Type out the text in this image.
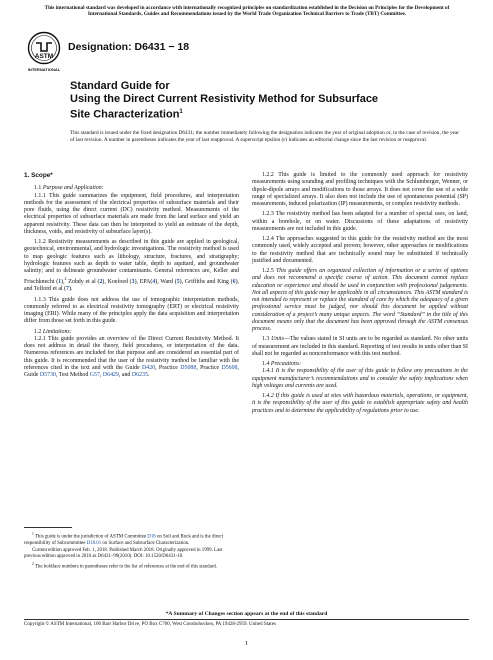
This international standard was developed in accordance with internationally recognized principles on standardization established in the Decision on Principles for the Development of International Standards, Guides and Recommendations issued by the World Trade Organization Technical Barriers to Trade (TBT) Committee.
ASTM
INTERNATIONAL
Designation: D6431 − 18
Standard Guide for
Using the Direct Current Resistivity Method for Subsurface
Site Characterization$^1$
This standard is issued under the fixed designation D6431; the number immediately following the designation indicates the year of original adoption or, in the case of revision, the year of last revision. A number in parentheses indicates the year of last reapproval. A superscript epsilon (ε) indicates an editorial change since the last revision or reapproval.

1. Scope*

1.1 Purpose and Application:

1.1.1 This guide summarizes the equipment, field procedures, and interpretation methods for the assessment of the electrical properties of subsurface materials and their pore fluids, using the direct current (DC) resistivity method. Measurements of the electrical properties of subsurface materials are made from the land surface and yield an apparent resistivity. These data can then be interpreted to yield an estimate of the depth, thickness, voids, and resistivity of subsurface layer(s).

1.1.2 Resistivity measurements as described in this guide are applied in geological, geotechnical, environmental, and hydrologic investigations. The resistivity method is used to map geologic features such as lithology, structure, fractures, and stratigraphy; hydrologic features such as depth to water table, depth to aquitard, and groundwater salinity; and to delineate groundwater contaminants. General references are, Keller and Frischknecht (1),$^2$ Zohdy et al (2), Koefoed (3), EPA(4), Ward (5), Griffiths and King (6), and Telford et al (7).

1.1.3 This guide does not address the use of tomographic interpretation methods, commonly referred to as electrical resistivity tomography (ERT) or electrical resistivity imaging (ERI). While many of the principles apply the data acquisition and interpretation differ from those set forth in this guide.

1.2 Limitations:

1.2.1 This guide provides an overview of the Direct Current Resistivity Method. It does not address in detail the theory, field procedures, or interpretation of the data. Numerous references are included for that purpose and are considered an essential part of this guide. It is recommended that the user of the resistivity method be familiar with the references cited in the text and with the Guide D420, Practice D5088, Practice D5608, Guide D5730, Test Method G57, D6429, and D6235.

1.2.2 This guide is limited to the commonly used approach for resistivity measurements using sounding and profiling techniques with the Schlumberger, Wenner, or dipole-dipole arrays and modifications to those arrays. It does not cover the use of a wide range of specialized arrays. It also does not include the use of spontaneous potential (SP) measurements, induced polarization (IP) measurements, or complex resistivity methods.

1.2.3 The resistivity method has been adapted for a number of special uses, on land, within a borehole, or on water. Discussions of these adaptations of resistivity measurements are not included in this guide.

1.2.4 The approaches suggested in this guide for the resistivity method are the most commonly used, widely accepted and proven; however, other approaches or modifications to the resistivity method that are technically sound may be substituted if technically justified and documented.

1.2.5 This guide offers an organized collection of information or a series of options and does not recommend a specific course of action. This document cannot replace education or experience and should be used in conjunction with professional judgements. Not all aspects of this guide may be applicable in all circumstances. This ASTM standard is not intended to represent or replace the standard of care by which the adequacy of a given professional service must be judged, nor should this document be applied without consideration of a project’s many unique aspects. The word “Standard” in the title of this document means only that the document has been approved through the ASTM consensus process.

1.3 Units—The values stated in SI units are to be regarded as standard. No other units of measurement are included in this standard. Reporting of test results in units other than SI shall not be regarded as nonconformance with this test method.

1.4 Precautions:

1.4.1 It is the responsibility of the user of this guide to follow any precautions in the equipment manufacturer’s recommendations and to consider the safety implications when high voltages and currents are used.

1.4.2 If this guide is used at sites with hazardous materials, operations, or equipment, it is the responsibility of the user of this guide to establish appropriate safety and health practices and to determine the applicability of regulations prior to use.

$^1$ This guide is under the jurisdiction of ASTM Committee D18 on Soil and Rock and is the direct responsibility of Subcommittee D18.01 on Surface and Subsurface Characterization.

Current edition approved Feb. 1, 2018. Published March 2018. Originally approved in 1999. Last previous edition approved in 2010 as D6431–99(2010). DOI: 10.1520/D6431-18.

$^2$ The boldface numbers in parentheses refer to the list of references at the end of this standard.

*A Summary of Changes section appears at the end of this standard
Copyright © ASTM International, 100 Barr Harbor Drive, PO Box C700, West Conshohocken, PA 19428-2959. United States
1
